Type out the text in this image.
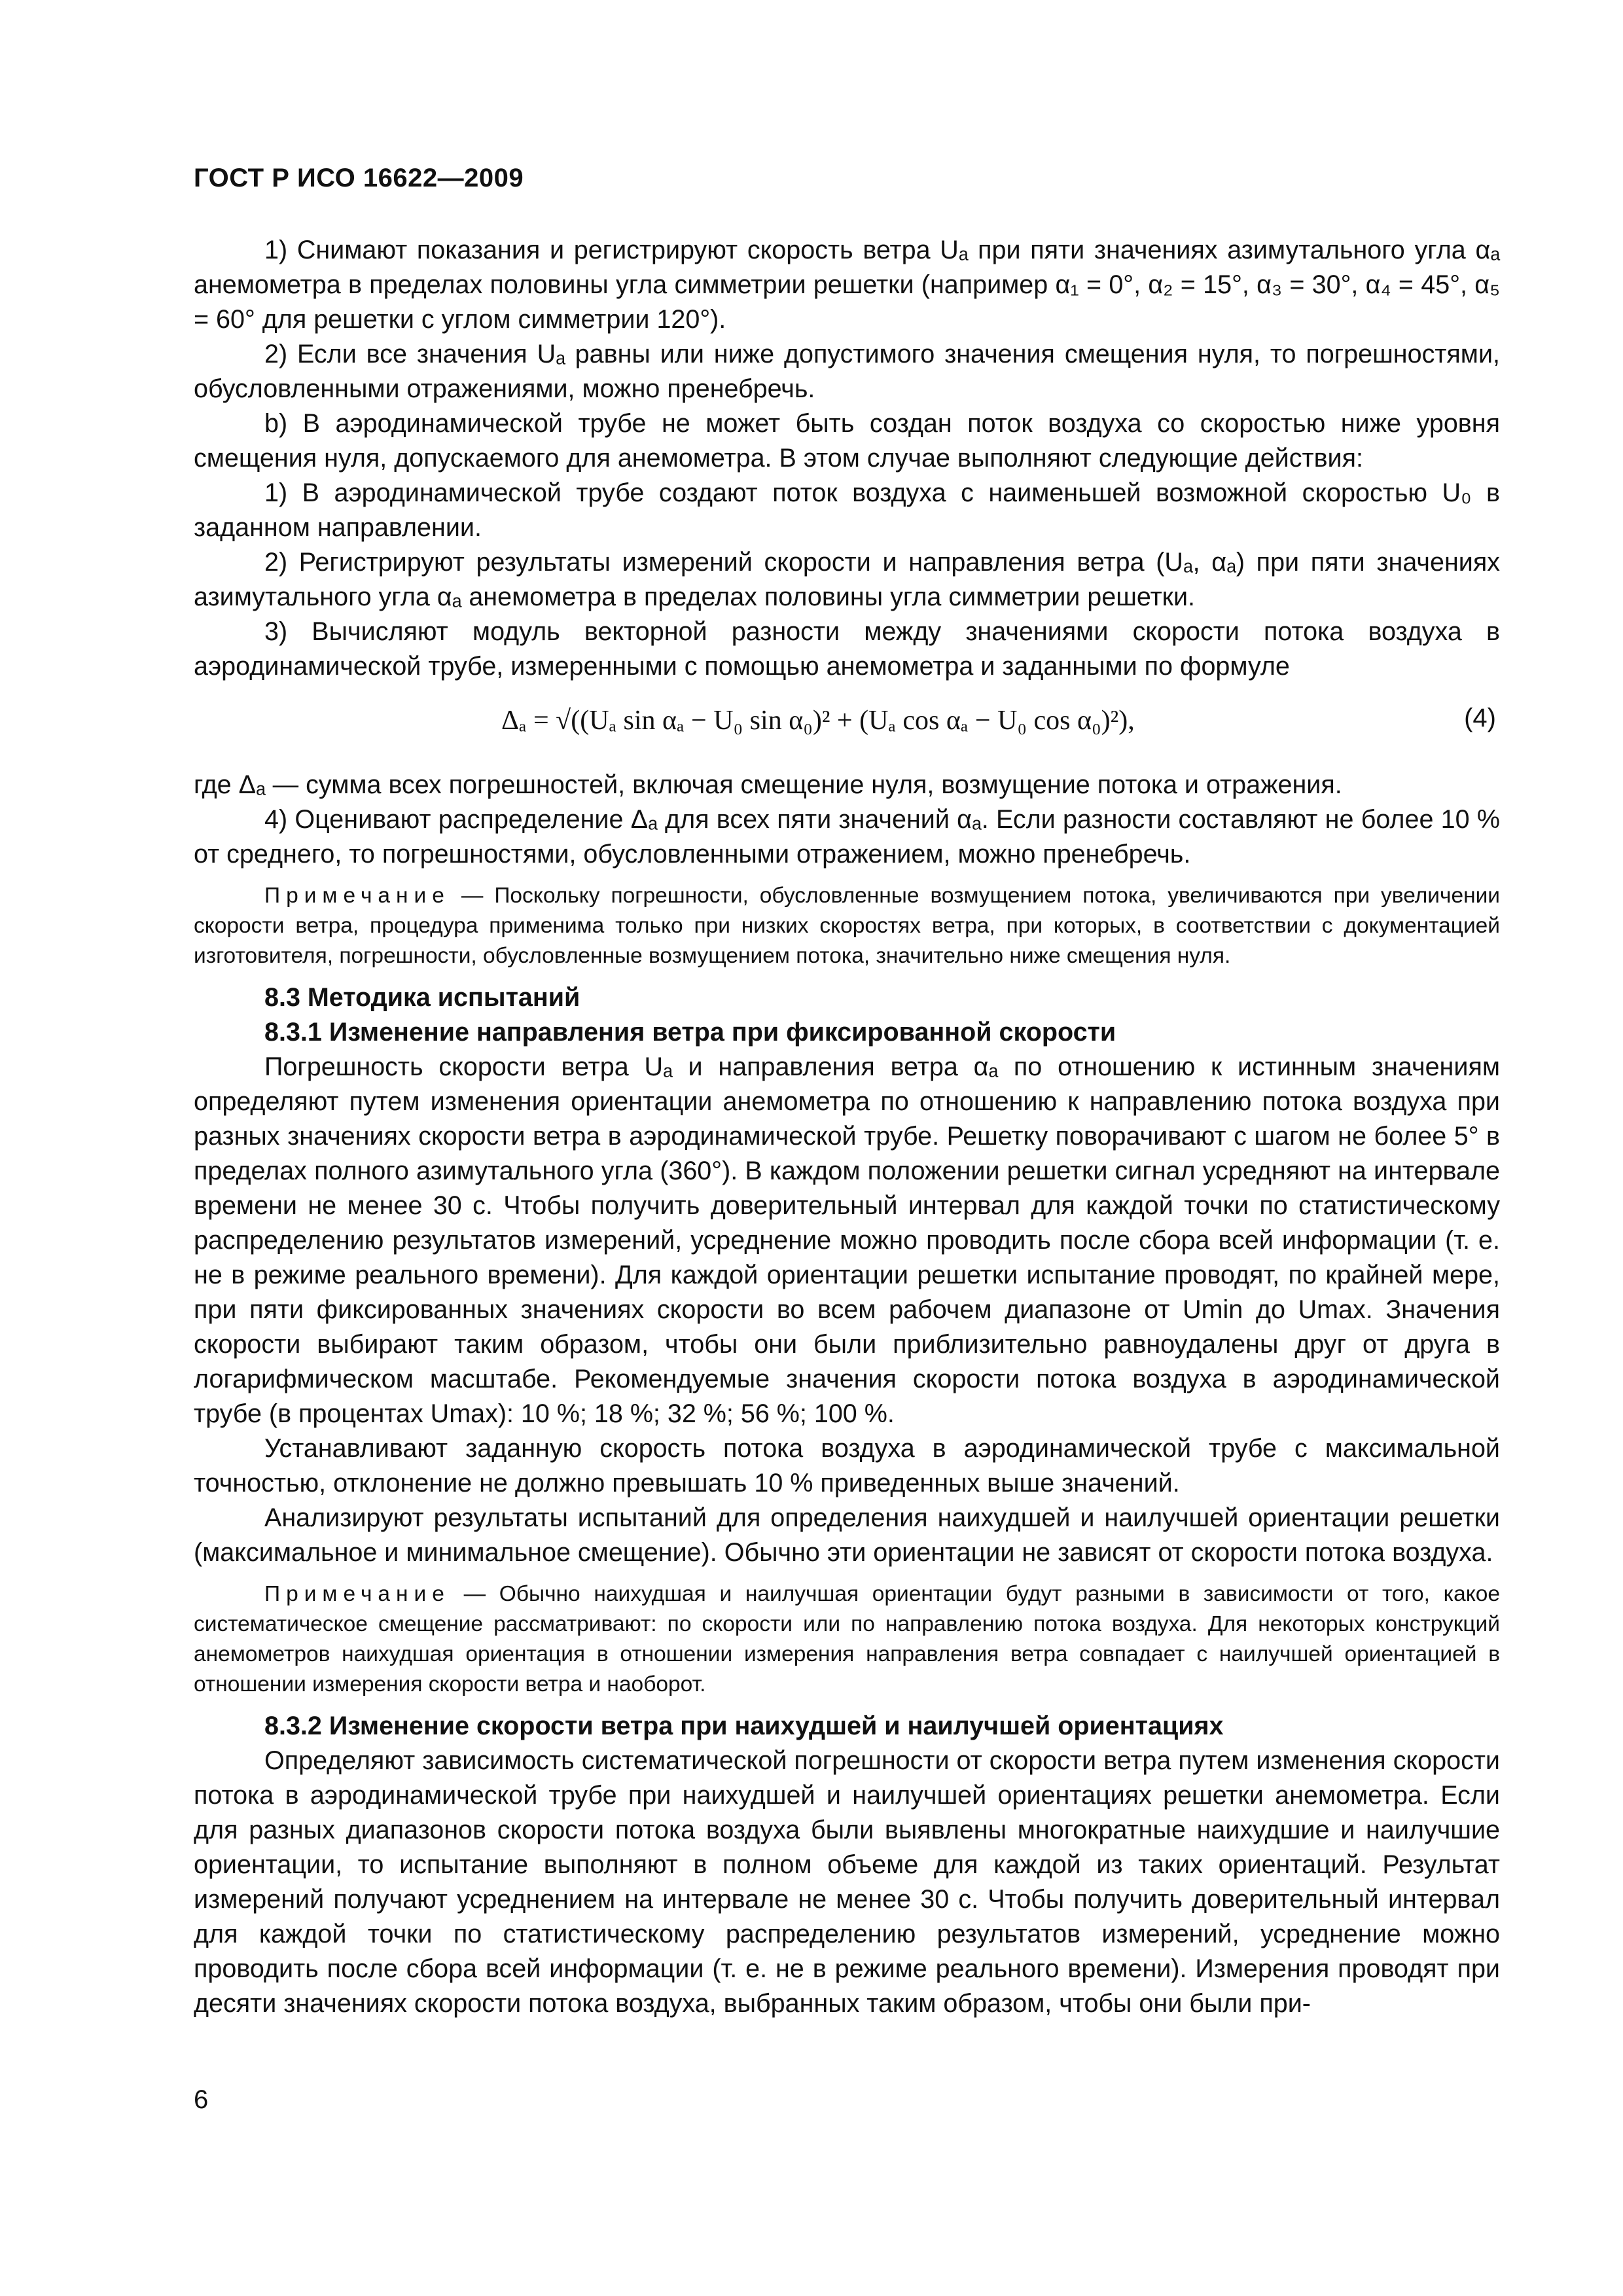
ГОСТ Р ИСО 16622—2009

1) Снимают показания и регистрируют скорость ветра Uₐ при пяти значениях азимутального угла αₐ анемометра в пределах половины угла симметрии решетки (например α₁ = 0°, α₂ = 15°, α₃ = 30°, α₄ = 45°, α₅ = 60° для решетки с углом симметрии 120°).

2) Если все значения Uₐ равны или ниже допустимого значения смещения нуля, то погрешностями, обусловленными отражениями, можно пренебречь.

b) В аэродинамической трубе не может быть создан поток воздуха со скоростью ниже уровня смещения нуля, допускаемого для анемометра. В этом случае выполняют следующие действия:

1) В аэродинамической трубе создают поток воздуха с наименьшей возможной скоростью U₀ в заданном направлении.

2) Регистрируют результаты измерений скорости и направления ветра (Uₐ, αₐ) при пяти значениях азимутального угла αₐ анемометра в пределах половины угла симметрии решетки.

3) Вычисляют модуль векторной разности между значениями скорости потока воздуха в аэродинамической трубе, измеренными с помощью анемометра и заданными по формуле

Δₐ = √((Uₐ sin αₐ − U₀ sin α₀)² + (Uₐ cos αₐ − U₀ cos α₀)²),	(4)

где Δₐ — сумма всех погрешностей, включая смещение нуля, возмущение потока и отражения.

4) Оценивают распределение Δₐ для всех пяти значений αₐ. Если разности составляют не более 10 % от среднего, то погрешностями, обусловленными отражением, можно пренебречь.

Примечание — Поскольку погрешности, обусловленные возмущением потока, увеличиваются при увеличении скорости ветра, процедура применима только при низких скоростях ветра, при которых, в соответствии с документацией изготовителя, погрешности, обусловленные возмущением потока, значительно ниже смещения нуля.
8.3 Методика испытаний
8.3.1 Изменение направления ветра при фиксированной скорости

Погрешность скорости ветра Uₐ и направления ветра αₐ по отношению к истинным значениям определяют путем изменения ориентации анемометра по отношению к направлению потока воздуха при разных значениях скорости ветра в аэродинамической трубе. Решетку поворачивают с шагом не более 5° в пределах полного азимутального угла (360°). В каждом положении решетки сигнал усредняют на интервале времени не менее 30 с. Чтобы получить доверительный интервал для каждой точки по статистическому распределению результатов измерений, усреднение можно проводить после сбора всей информации (т. е. не в режиме реального времени). Для каждой ориентации решетки испытание проводят, по крайней мере, при пяти фиксированных значениях скорости во всем рабочем диапазоне от Umin до Umax. Значения скорости выбирают таким образом, чтобы они были приблизительно равноудалены друг от друга в логарифмическом масштабе. Рекомендуемые значения скорости потока воздуха в аэродинамической трубе (в процентах Umax): 10 %; 18 %; 32 %; 56 %; 100 %.

Устанавливают заданную скорость потока воздуха в аэродинамической трубе с максимальной точностью, отклонение не должно превышать 10 % приведенных выше значений.

Анализируют результаты испытаний для определения наихудшей и наилучшей ориентации решетки (максимальное и минимальное смещение). Обычно эти ориентации не зависят от скорости потока воздуха.

Примечание — Обычно наихудшая и наилучшая ориентации будут разными в зависимости от того, какое систематическое смещение рассматривают: по скорости или по направлению потока воздуха. Для некоторых конструкций анемометров наихудшая ориентация в отношении измерения направления ветра совпадает с наилучшей ориентацией в отношении измерения скорости ветра и наоборот.
8.3.2 Изменение скорости ветра при наихудшей и наилучшей ориентациях

Определяют зависимость систематической погрешности от скорости ветра путем изменения скорости потока в аэродинамической трубе при наихудшей и наилучшей ориентациях решетки анемометра. Если для разных диапазонов скорости потока воздуха были выявлены многократные наихудшие и наилучшие ориентации, то испытание выполняют в полном объеме для каждой из таких ориентаций. Результат измерений получают усреднением на интервале не менее 30 с. Чтобы получить доверительный интервал для каждой точки по статистическому распределению результатов измерений, усреднение можно проводить после сбора всей информации (т. е. не в режиме реального времени). Измерения проводят при десяти значениях скорости потока воздуха, выбранных таким образом, чтобы они были при-

6
